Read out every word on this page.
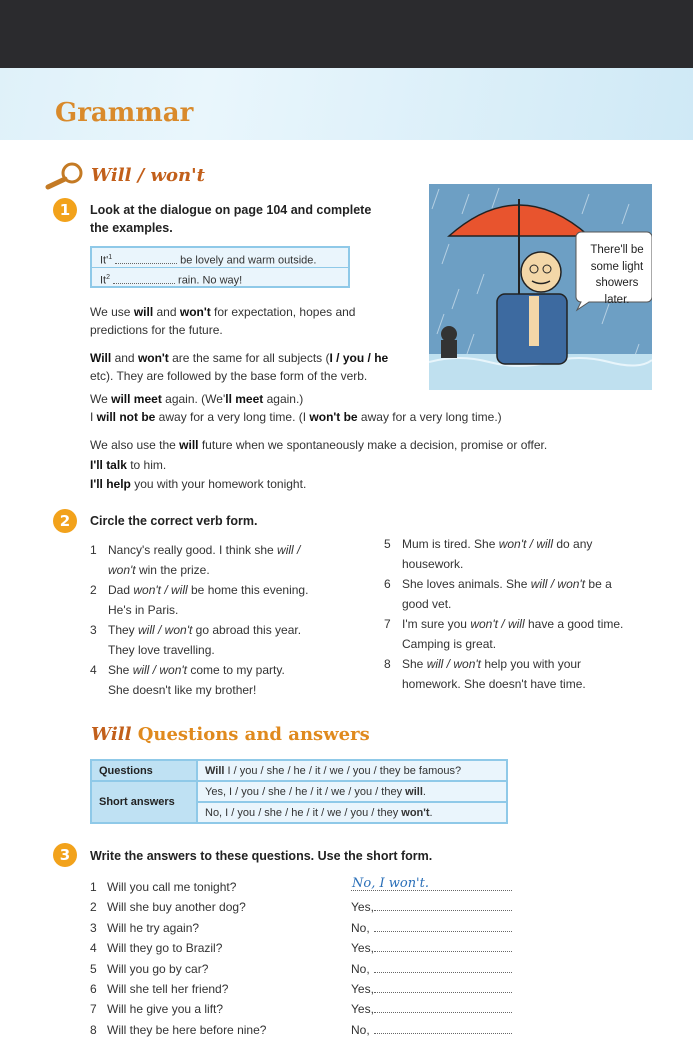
Grammar
Will / won't
1	Look at the dialogue on page 104 and complete
the examples.
$It'^1$	be lovely and warm outside.
It$^2$	rain. No way!
We use will and won't for expectation, hopes and
predictions for the future.
Will and won't are the same for all subjects (I / you / he
etc). They are followed by the base form of the verb.
We will meet again. (We'll meet again.)
I will not be away for a very long time. (I won't be away for a very long time.)
We also use the will future when we spontaneously make a decision, promise or offer.
I'll talk to him.
I'll help you with your homework tonight.
There'll be
some light
showers
later.
2	Circle the correct verb form.
1 Nancy's really good. I think she will /
won't win the prize.
2 Dad won't / will be home this evening.
He's in Paris.
3 They will / won't go abroad this year.
They love travelling.
4 She will / won't come to my party.
She doesn't like my brother!
5 Mum is tired. She won't / will do any
housework.
6 She loves animals. She will / won't be a
good vet.
7 I'm sure you won't / will have a good time.
Camping is great.
8 She will / won't help you with your
homework. She doesn't have time.
Will Questions and answers
Questions	Will I / you / she / he / it / we / you / they be famous?
Short answers	Yes, I / you / she / he / it / we / you / they will.
	No, I / you / she / he / it / we / you / they won't.
3	Write the answers to these questions. Use the short form.
1 Will you call me tonight?	No, I won't.
2 Will she buy another dog?	Yes,
3 Will he try again?	No,
4 Will they go to Brazil?	Yes,
5 Will you go by car?	No,
6 Will she tell her friend?	Yes,
7 Will he give you a lift?	Yes,
8 Will they be here before nine?	No,
